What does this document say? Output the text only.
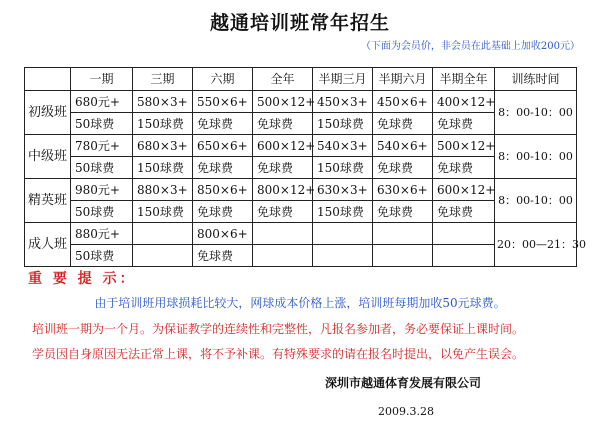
越通培训班常年招生
（下面为会员价，非会员在此基础上加收200元）
	一期	三期	六期	全年	半期三月	半期六月	半期全年	训练时间
初级班	680元+	580×3+	550×6+	500×12+	450×3+	450×6+	400×12+	8：00-10：00
	50球费	150球费	免球费	免球费	150球费	免球费	免球费	
中级班	780元+	680×3+	650×6+	600×12+	540×3+	540×6+	500×12+	8：00-10：00
	50球费	150球费	免球费	免球费	150球费	免球费	免球费	
精英班	980元+	880×3+	850×6+	800×12+	630×3+	630×6+	600×12+	8：00-10：00
	50球费	150球费	免球费	免球费	150球费	免球费	免球费	
成人班	880元+		800×6+					20：00—21：30
	50球费		免球费					
重 要 提 示：
由于培训班用球损耗比较大，网球成本价格上涨，培训班每期加收50元球费。
培训班一期为一个月。为保证教学的连续性和完整性，凡报名参加者，务必要保证上课时间。
学员因自身原因无法正常上课，将不予补课。有特殊要求的请在报名时提出，以免产生误会。
深圳市越通体育发展有限公司
2009.3.28
